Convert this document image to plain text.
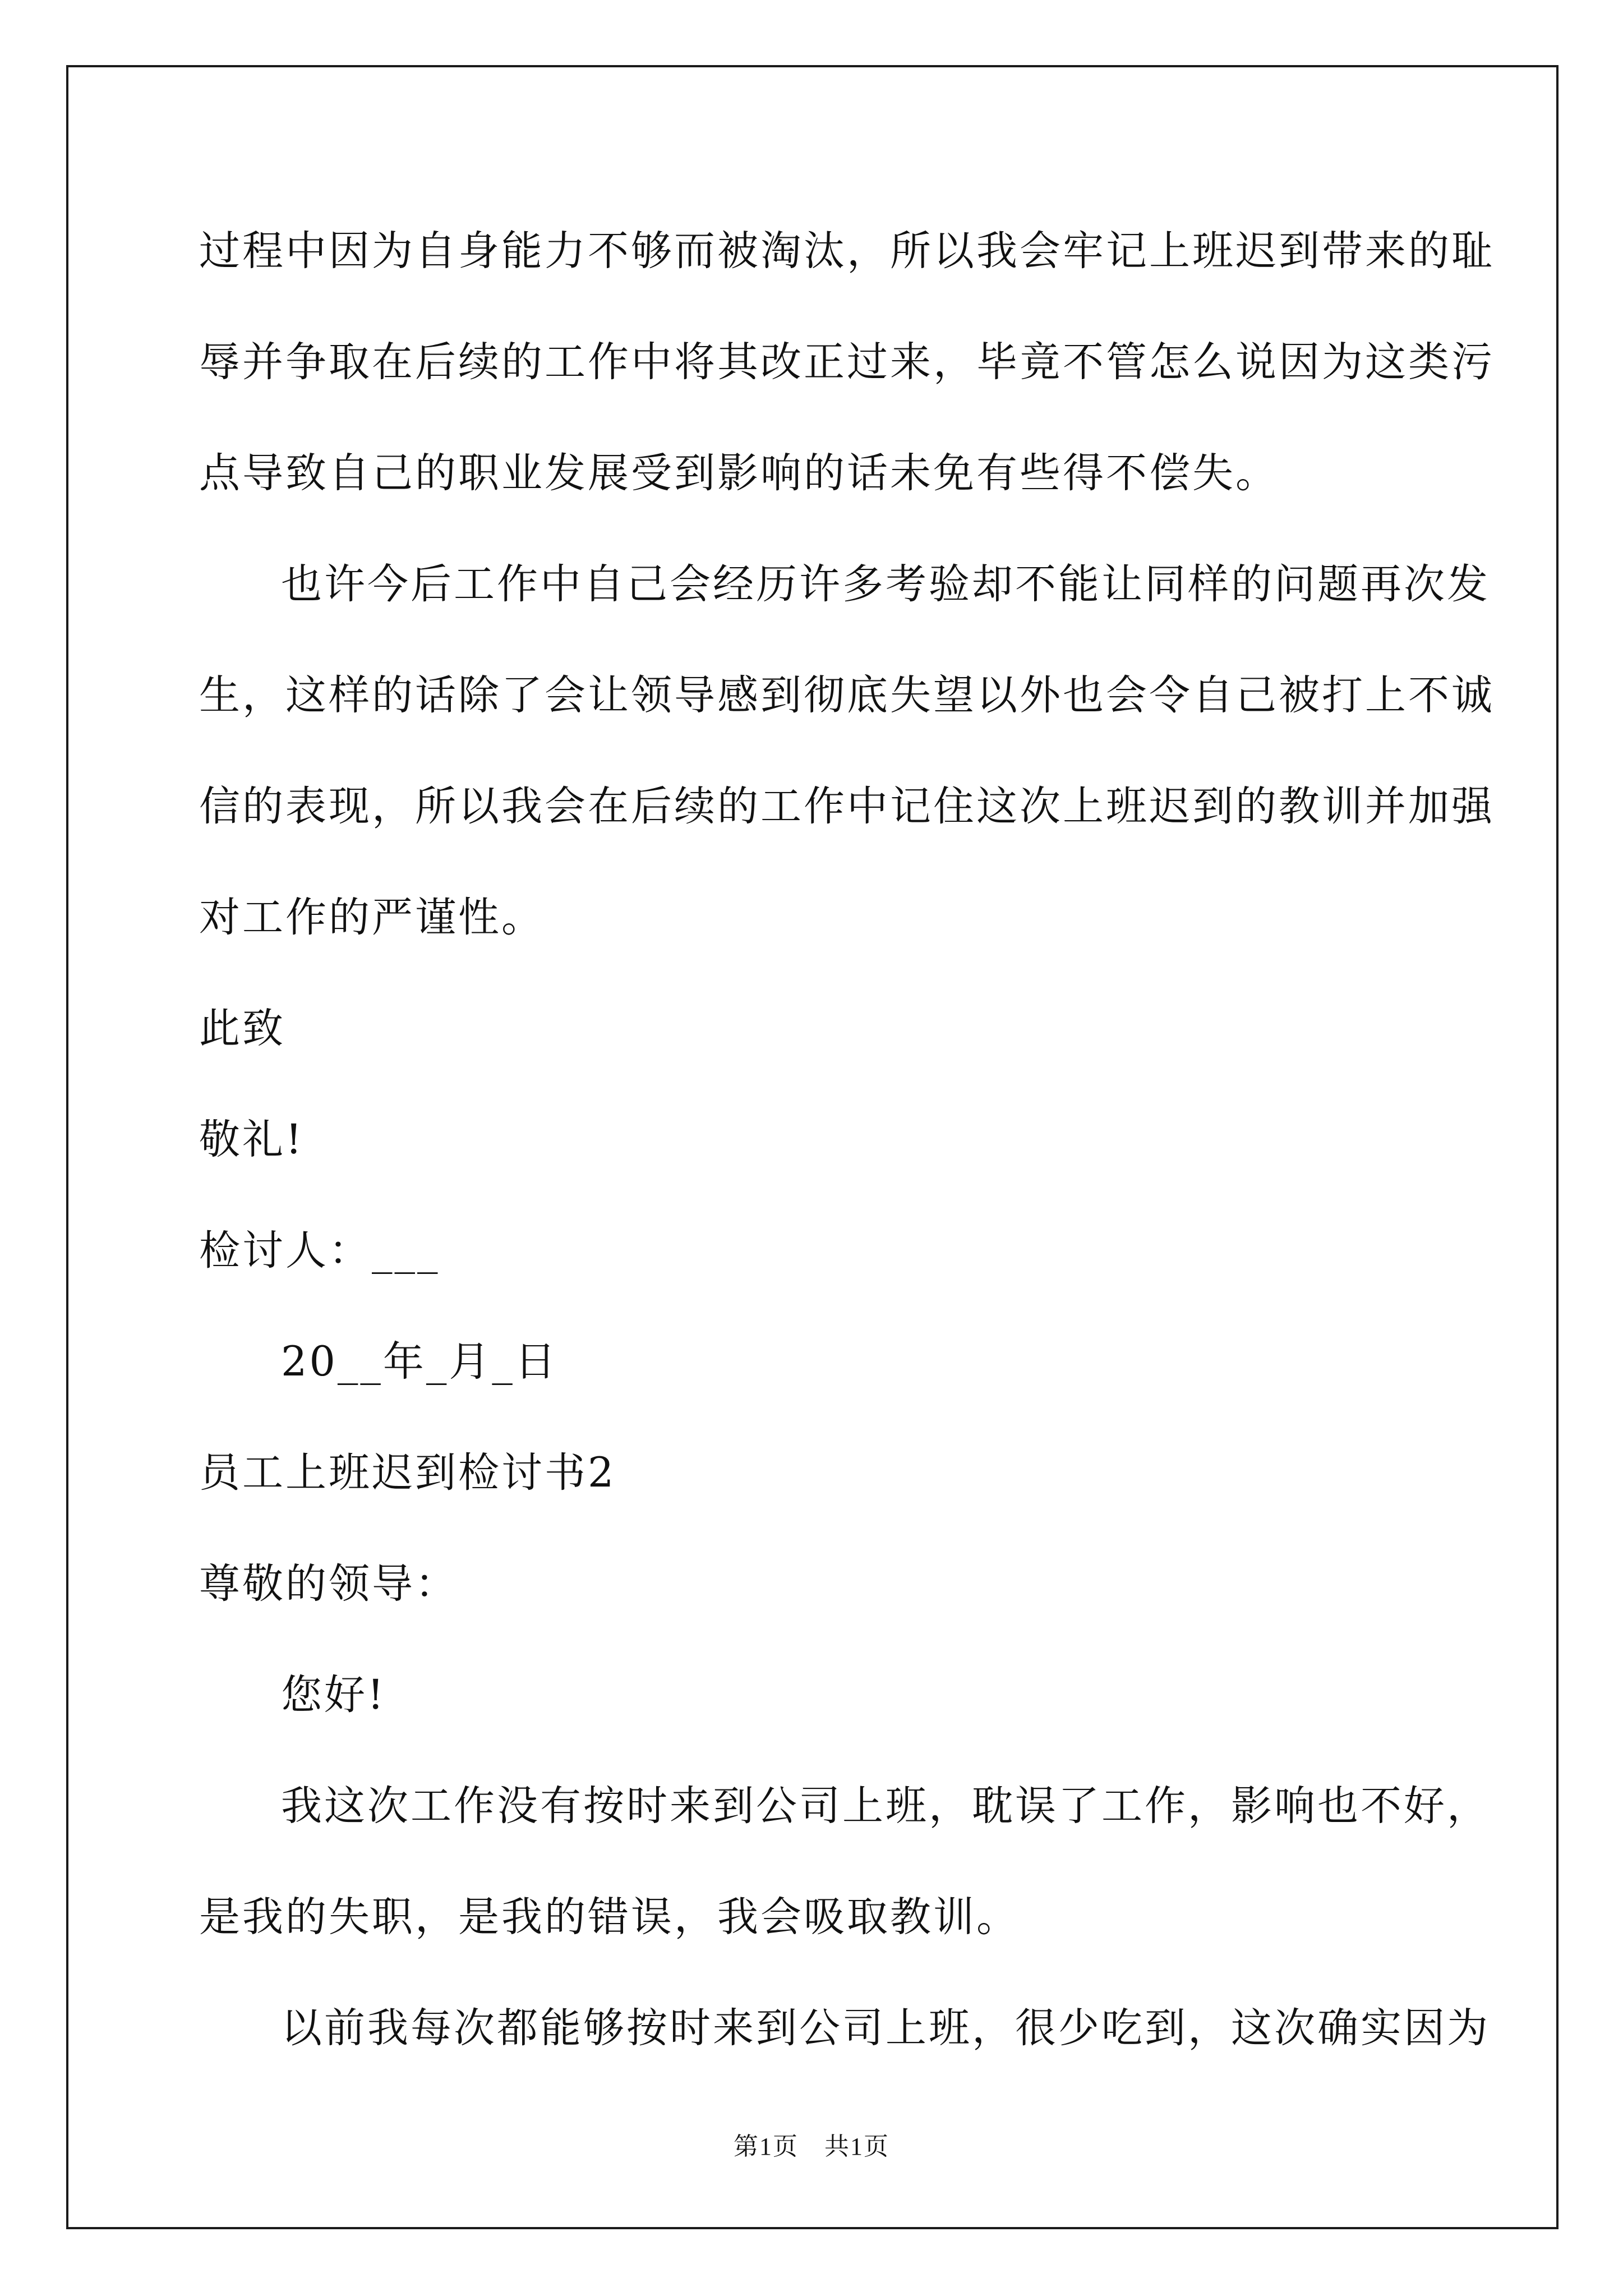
过程中因为自身能力不够而被淘汰，所以我会牢记上班迟到带来的耻
辱并争取在后续的工作中将其改正过来，毕竟不管怎么说因为这类污
点导致自己的职业发展受到影响的话未免有些得不偿失。
也许今后工作中自己会经历许多考验却不能让同样的问题再次发
生，这样的话除了会让领导感到彻底失望以外也会令自己被打上不诚
信的表现，所以我会在后续的工作中记住这次上班迟到的教训并加强
对工作的严谨性。
此致
敬礼!
检讨人：___
20__年_月_日
员工上班迟到检讨书2
尊敬的领导：
您好!
我这次工作没有按时来到公司上班，耽误了工作，影响也不好，
是我的失职，是我的错误，我会吸取教训。
以前我每次都能够按时来到公司上班，很少吃到，这次确实因为
第1页　共1页
